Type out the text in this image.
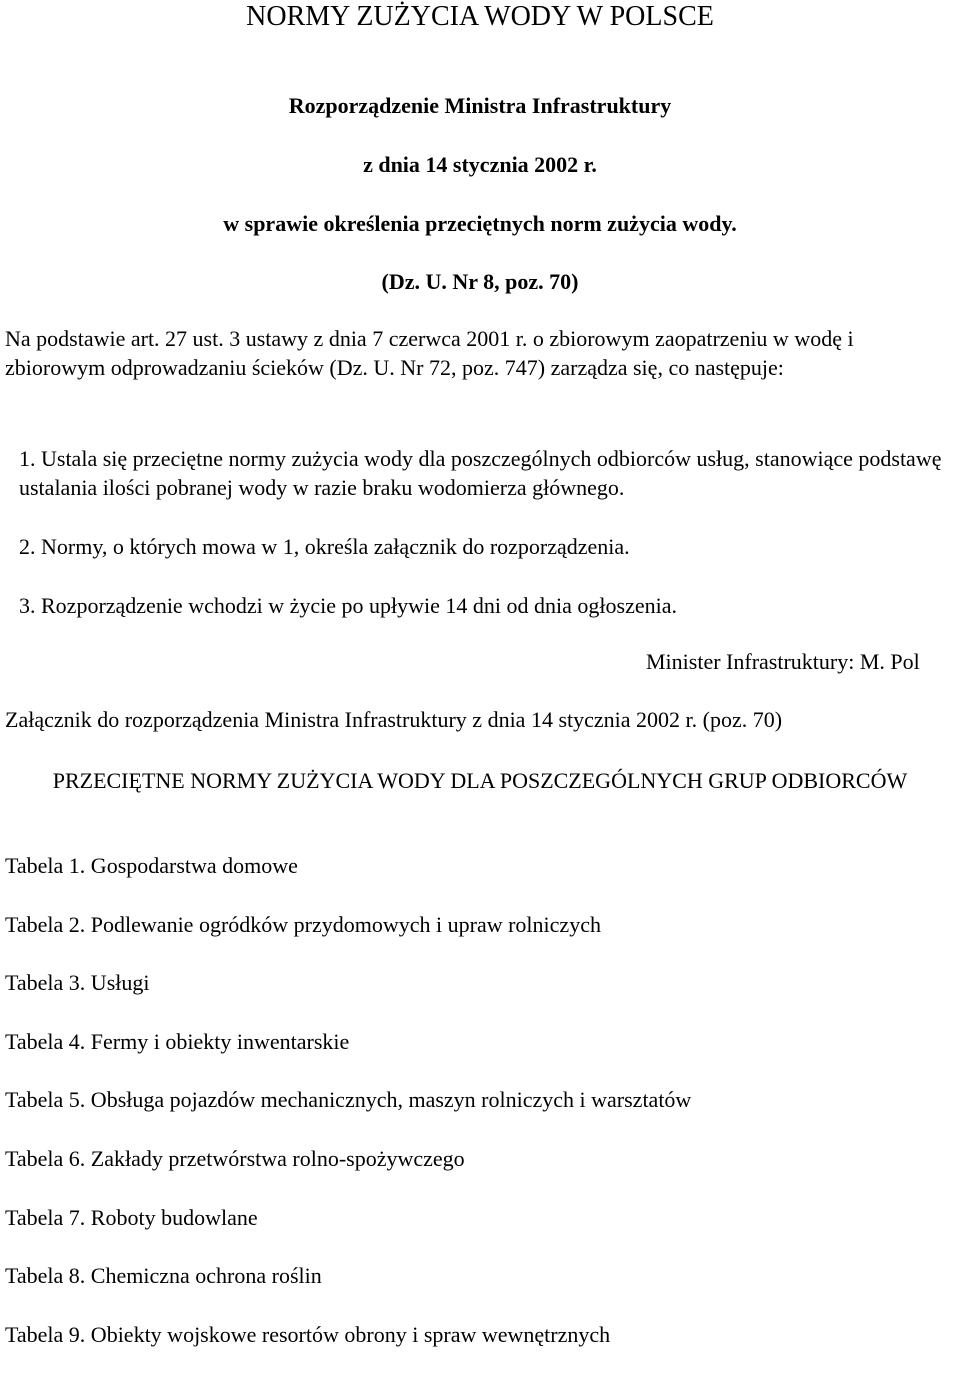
NORMY ZUŻYCIA WODY W POLSCE
Rozporządzenie Ministra Infrastruktury
z dnia 14 stycznia 2002 r.
w sprawie określenia przeciętnych norm zużycia wody.
(Dz. U. Nr 8, poz. 70)
Na podstawie art. 27 ust. 3 ustawy z dnia 7 czerwca 2001 r. o zbiorowym zaopatrzeniu w wodę i zbiorowym odprowadzaniu ścieków (Dz. U. Nr 72, poz. 747) zarządza się, co następuje:
1. Ustala się przeciętne normy zużycia wody dla poszczególnych odbiorców usług, stanowiące podstawę ustalania ilości pobranej wody w razie braku wodomierza głównego.
2. Normy, o których mowa w 1, określa załącznik do rozporządzenia.
3. Rozporządzenie wchodzi w życie po upływie 14 dni od dnia ogłoszenia.
Minister Infrastruktury: M. Pol
Załącznik do rozporządzenia Ministra Infrastruktury z dnia 14 stycznia 2002 r. (poz. 70)
PRZECIĘTNE NORMY ZUŻYCIA WODY DLA POSZCZEGÓLNYCH GRUP ODBIORCÓW
Tabela 1. Gospodarstwa domowe
Tabela 2. Podlewanie ogródków przydomowych i upraw rolniczych
Tabela 3. Usługi
Tabela 4. Fermy i obiekty inwentarskie
Tabela 5. Obsługa pojazdów mechanicznych, maszyn rolniczych i warsztatów
Tabela 6. Zakłady przetwórstwa rolno-spożywczego
Tabela 7. Roboty budowlane
Tabela 8. Chemiczna ochrona roślin
Tabela 9. Obiekty wojskowe resortów obrony i spraw wewnętrznych
